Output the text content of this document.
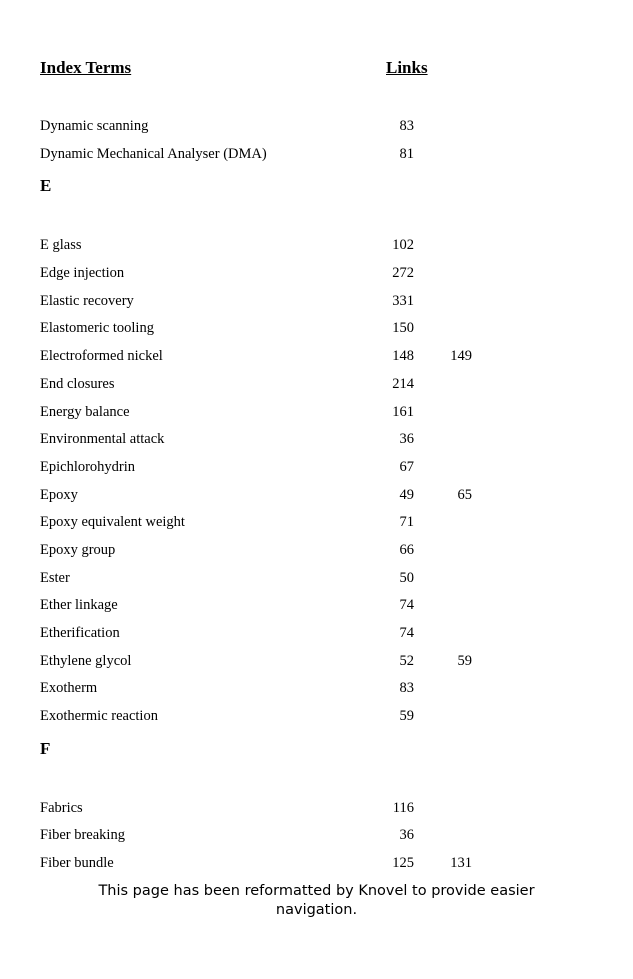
Index Terms	Links
Dynamic scanning	83
Dynamic Mechanical Analyser (DMA)	81
E
E glass	102
Edge injection	272
Elastic recovery	331
Elastomeric tooling	150
Electroformed nickel	148	149
End closures	214
Energy balance	161
Environmental attack	36
Epichlorohydrin	67
Epoxy	49	65
Epoxy equivalent weight	71
Epoxy group	66
Ester	50
Ether linkage	74
Etherification	74
Ethylene glycol	52	59
Exotherm	83
Exothermic reaction	59
F
Fabrics	116
Fiber breaking	36
Fiber bundle	125	131
This page has been reformatted by Knovel to provide easier navigation.
